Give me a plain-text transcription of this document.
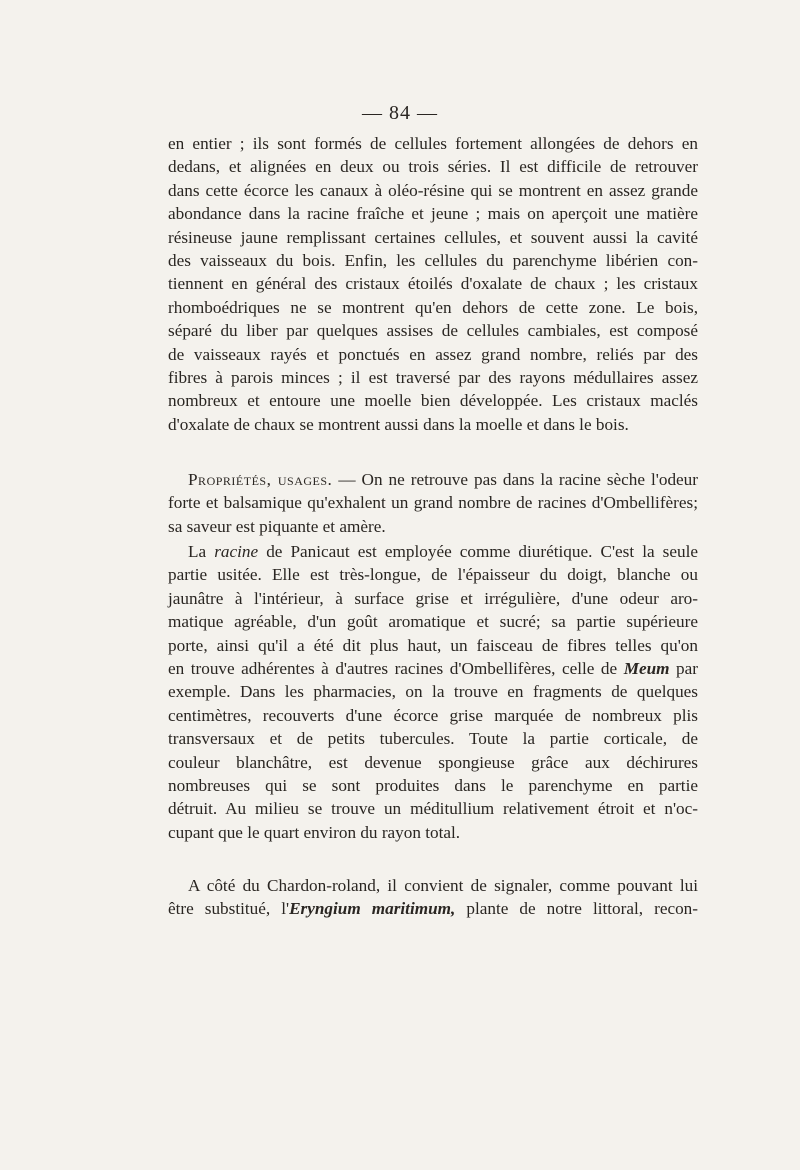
— 84 —
en entier ; ils sont formés de cellules fortement allongées de dehors en
dedans, et alignées en deux ou trois séries. Il est difficile de retrouver
dans cette écorce les canaux à oléo-résine qui se montrent en assez grande
abondance dans la racine fraîche et jeune ; mais on aperçoit une matière
résineuse jaune remplissant certaines cellules, et souvent aussi la cavité
des vaisseaux du bois. Enfin, les cellules du parenchyme libérien con-
tiennent en général des cristaux étoilés d'oxalate de chaux ; les cristaux
rhomboédriques ne se montrent qu'en dehors de cette zone. Le bois,
séparé du liber par quelques assises de cellules cambiales, est composé
de vaisseaux rayés et ponctués en assez grand nombre, reliés par des
fibres à parois minces ; il est traversé par des rayons médullaires assez
nombreux et entoure une moelle bien développée. Les cristaux maclés
d'oxalate de chaux se montrent aussi dans la moelle et dans le bois.
Propriétés, usages. — On ne retrouve pas dans la racine sèche l'odeur
forte et balsamique qu'exhalent un grand nombre de racines d'Ombellifères;
sa saveur est piquante et amère.
La racine de Panicaut est employée comme diurétique. C'est la seule
partie usitée. Elle est très-longue, de l'épaisseur du doigt, blanche ou
jaunâtre à l'intérieur, à surface grise et irrégulière, d'une odeur aro-
matique agréable, d'un goût aromatique et sucré; sa partie supérieure
porte, ainsi qu'il a été dit plus haut, un faisceau de fibres telles qu'on
en trouve adhérentes à d'autres racines d'Ombellifères, celle de Meum par
exemple. Dans les pharmacies, on la trouve en fragments de quelques
centimètres, recouverts d'une écorce grise marquée de nombreux plis
transversaux et de petits tubercules. Toute la partie corticale, de
couleur blanchâtre, est devenue spongieuse grâce aux déchirures
nombreuses qui se sont produites dans le parenchyme en partie
détruit. Au milieu se trouve un méditullium relativement étroit et n'oc-
cupant que le quart environ du rayon total.
A côté du Chardon-roland, il convient de signaler, comme pouvant lui
être substitué, l'Eryngium maritimum, plante de notre littoral, recon-
